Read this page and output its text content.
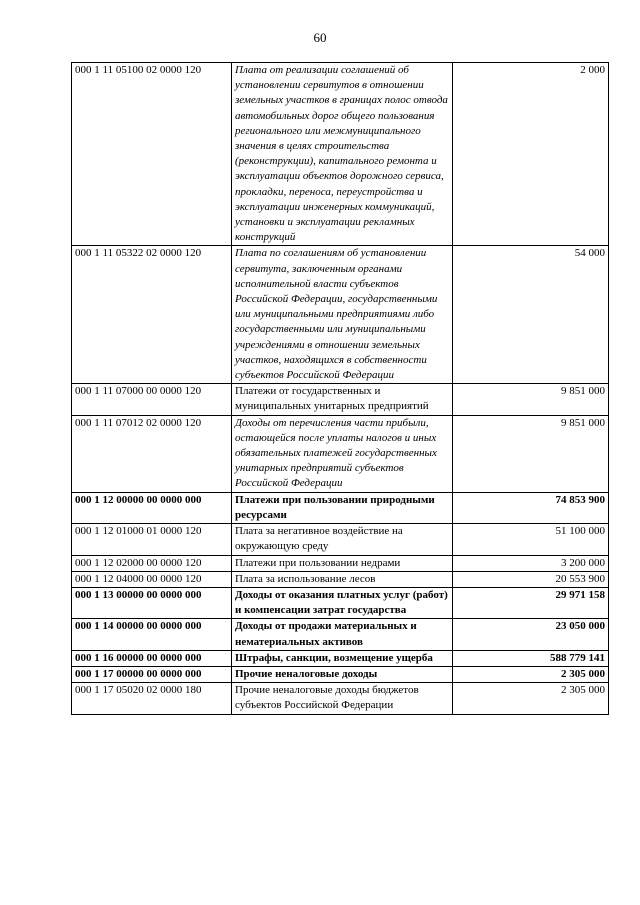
60
000 1 11 05100 02 0000 120	Плата от реализации соглашений об установлении сервитутов в отношении земельных участков в границах полос отвода автомобильных дорог общего пользования регионального или межмуниципального значения в целях строительства (реконструкции), капитального ремонта и эксплуатации объектов дорожного сервиса, прокладки, переноса, переустройства и эксплуатации инженерных коммуникаций, установки и эксплуатации рекламных конструкций	2 000
000 1 11 05322 02 0000 120	Плата по соглашениям об установлении сервитута, заключенным органами исполнительной власти субъектов Российской Федерации, государственными или муниципальными предприятиями либо государственными или муниципальными учреждениями в отношении земельных участков, находящихся в собственности субъектов Российской Федерации	54 000
000 1 11 07000 00 0000 120	Платежи от государственных и муниципальных унитарных предприятий	9 851 000
000 1 11 07012 02 0000 120	Доходы от перечисления части прибыли, остающейся после уплаты налогов и иных обязательных платежей государственных унитарных предприятий субъектов Российской Федерации	9 851 000
000 1 12 00000 00 0000 000	Платежи при пользовании природными ресурсами	74 853 900
000 1 12 01000 01 0000 120	Плата за негативное воздействие на окружающую среду	51 100 000
000 1 12 02000 00 0000 120	Платежи при пользовании недрами	3 200 000
000 1 12 04000 00 0000 120	Плата за использование лесов	20 553 900
000 1 13 00000 00 0000 000	Доходы от оказания платных услуг (работ) и компенсации затрат государства	29 971 158
000 1 14 00000 00 0000 000	Доходы от продажи материальных и нематериальных активов	23 050 000
000 1 16 00000 00 0000 000	Штрафы, санкции, возмещение ущерба	588 779 141
000 1 17 00000 00 0000 000	Прочие неналоговые доходы	2 305 000
000 1 17 05020 02 0000 180	Прочие неналоговые доходы бюджетов субъектов Российской Федерации	2 305 000
